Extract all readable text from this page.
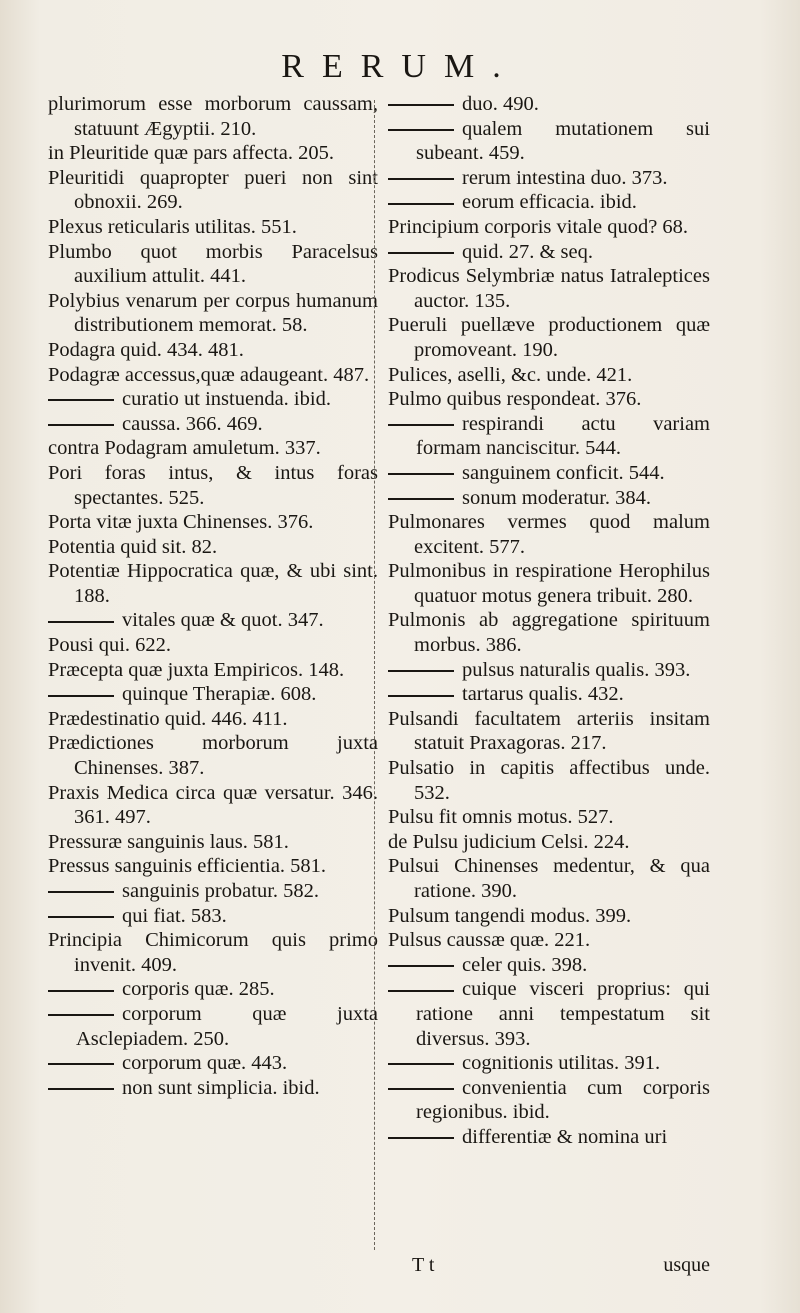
RERUM.
plurimorum esse morborum caussam, statuunt Ægyptii. 210.
in Pleuritide quæ pars affecta. 205.
Pleuritidi quapropter pueri non sint obnoxii. 269.
Plexus reticularis utilitas. 551.
Plumbo quot morbis Paracelsus auxilium attulit. 441.
Polybius venarum per corpus humanum distributionem memorat. 58.
Podagra quid. 434. 481.
Podagræ accessus,quæ adaugeant. 487.
curatio ut instuenda. ibid.
caussa. 366. 469.
contra Podagram amuletum. 337.
Pori foras intus, & intus foras spectantes. 525.
Porta vitæ juxta Chinenses. 376.
Potentia quid sit. 82.
Potentiæ Hippocratica quæ, & ubi sint. 188.
vitales quæ & quot. 347.
Pousi qui. 622.
Præcepta quæ juxta Empiricos. 148.
quinque Therapiæ. 608.
Prædestinatio quid. 446. 411.
Prædictiones morborum juxta Chinenses. 387.
Praxis Medica circa quæ versatur. 346. 361. 497.
Pressuræ sanguinis laus. 581.
Pressus sanguinis efficientia. 581.
sanguinis probatur. 582.
qui fiat. 583.
Principia Chimicorum quis primo invenit. 409.
corporis quæ. 285.
corporum quæ juxta Asclepiadem. 250.
corporum quæ. 443.
non sunt simplicia. ibid.
duo. 490.
qualem mutationem sui subeant. 459.
rerum intestina duo. 373.
eorum efficacia. ibid.
Principium corporis vitale quod? 68.
quid. 27. & seq.
Prodicus Selymbriæ natus Iatraleptices auctor. 135.
Pueruli puellæve productionem quæ promoveant. 190.
Pulices, aselli, &c. unde. 421.
Pulmo quibus respondeat. 376.
respirandi actu variam formam nanciscitur. 544.
sanguinem conficit. 544.
sonum moderatur. 384.
Pulmonares vermes quod malum excitent. 577.
Pulmonibus in respiratione Herophilus quatuor motus genera tribuit. 280.
Pulmonis ab aggregatione spirituum morbus. 386.
pulsus naturalis qualis. 393.
tartarus qualis. 432.
Pulsandi facultatem arteriis insitam statuit Praxagoras. 217.
Pulsatio in capitis affectibus unde. 532.
Pulsu fit omnis motus. 527.
de Pulsu judicium Celsi. 224.
Pulsui Chinenses medentur, & qua ratione. 390.
Pulsum tangendi modus. 399.
Pulsus caussæ quæ. 221.
celer quis. 398.
cuique visceri proprius: qui ratione anni tempestatum sit diversus. 393.
cognitionis utilitas. 391.
convenientia cum corporis regionibus. ibid.
differentiæ & nomina uri
T t	usque
